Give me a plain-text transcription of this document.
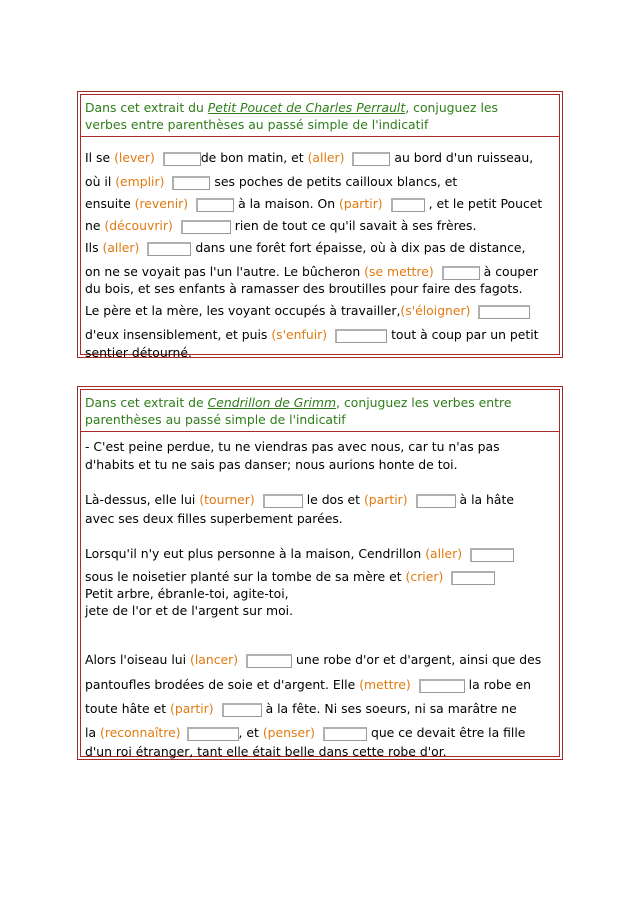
Dans cet extrait du Petit Poucet de Charles Perrault, conjuguez les
verbes entre parenthèses au passé simple de l'indicatif
Il se (lever)	de bon matin, et (aller)	au bord d'un ruisseau,
où il (emplir)	ses poches de petits cailloux blancs, et
ensuite (revenir)	à la maison. On (partir)	, et le petit Poucet
ne (découvrir)	rien de tout ce qu'il savait à ses frères.
Ils (aller)	dans une forêt fort épaisse, où à dix pas de distance,
on ne se voyait pas l'un l'autre. Le bûcheron (se mettre)	à couper
du bois, et ses enfants à ramasser des broutilles pour faire des fagots.
Le père et la mère, les voyant occupés à travailler,(s'éloigner)
d'eux insensiblement, et puis (s'enfuir)	tout à coup par un petit
sentier détourné.
Dans cet extrait de Cendrillon de Grimm, conjuguez les verbes entre
parenthèses au passé simple de l'indicatif
- C'est peine perdue, tu ne viendras pas avec nous, car tu n'as pas
d'habits et tu ne sais pas danser; nous aurions honte de toi.
Là-dessus, elle lui (tourner)	le dos et (partir)	à la hâte
avec ses deux filles superbement parées.
Lorsqu'il n'y eut plus personne à la maison, Cendrillon (aller)
sous le noisetier planté sur la tombe de sa mère et (crier)
Petit arbre, ébranle-toi, agite-toi,
jete de l'or et de l'argent sur moi.
Alors l'oiseau lui (lancer)	une robe d'or et d'argent, ainsi que des
pantoufles brodées de soie et d'argent. Elle (mettre)	la robe en
toute hâte et (partir)	à la fête. Ni ses soeurs, ni sa marâtre ne
la (reconnaître)	, et (penser)	que ce devait être la fille
d'un roi étranger, tant elle était belle dans cette robe d'or.
